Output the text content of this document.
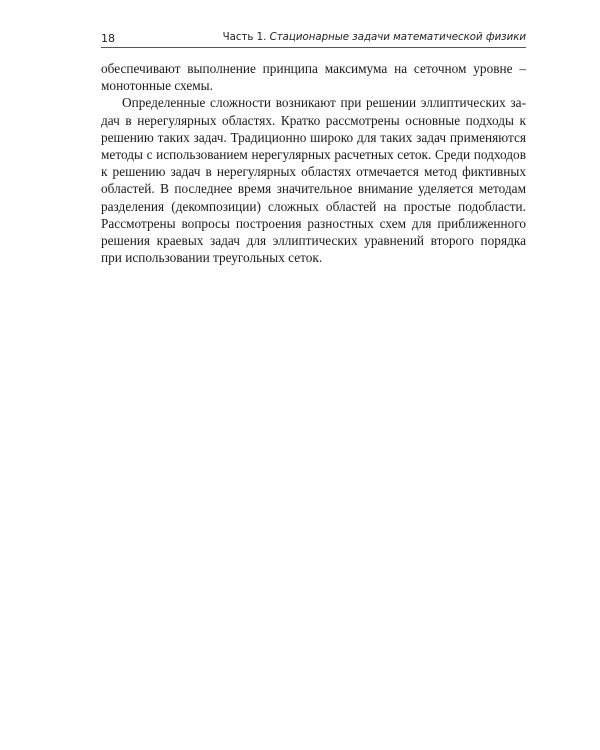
18	Часть 1. Стационарные задачи математической физики

обеспечивают выполнение принципа максимума на сеточном уровне – монотонные схемы.

Определенные сложности возникают при решении эллиптических задач в нерегулярных областях. Кратко рассмотрены основные подходы к решению таких задач. Традиционно широко для таких задач применяются методы с использованием нерегулярных расчетных сеток. Среди подходов к решению задач в нерегулярных областях отмечается метод фиктивных областей. В последнее время значительное внимание уделяется методам разделения (декомпозиции) сложных областей на простые подобласти. Рассмотрены вопросы построения разностных схем для приближенного решения краевых задач для эллиптических уравнений второго порядка при использовании треугольных сеток.
